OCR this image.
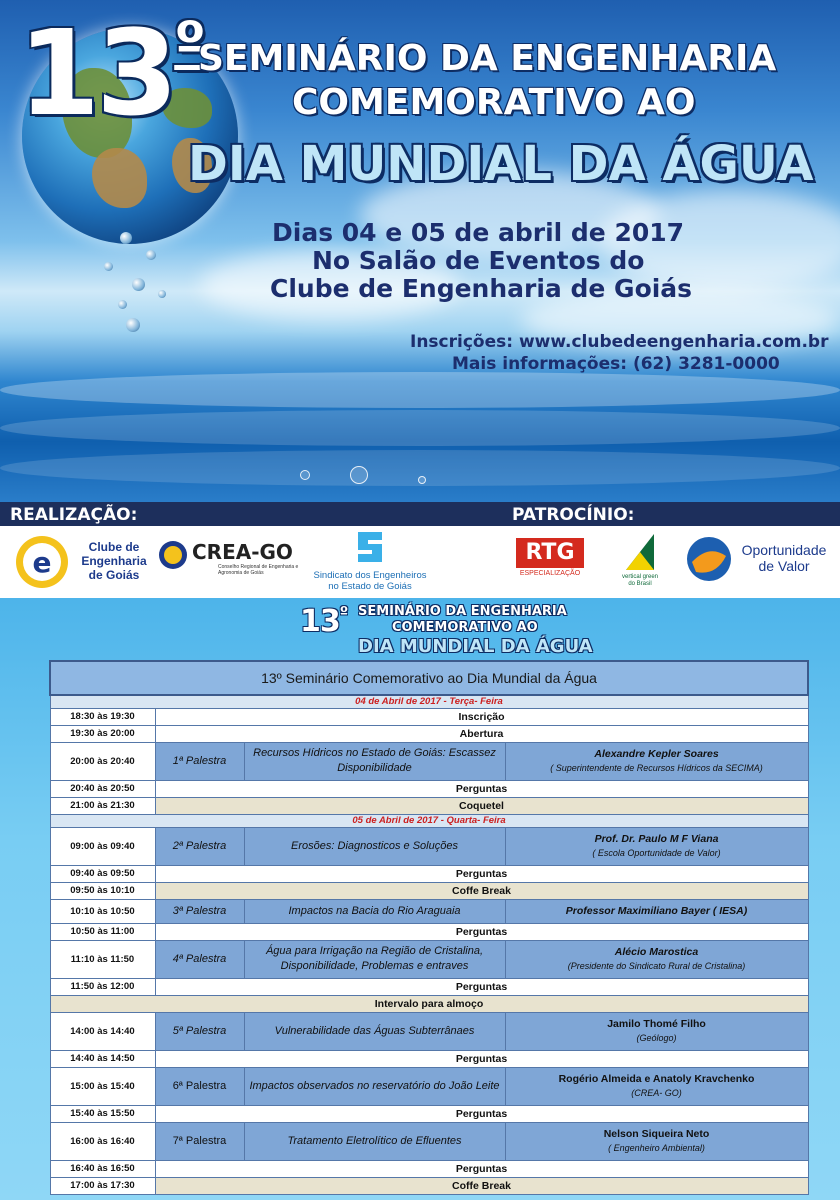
$13^º$
SEMINÁRIO DA ENGENHARIA
COMEMORATIVO AO
DIA MUNDIAL DA ÁGUA
Dias 04 e 05 de abril de 2017
No Salão de Eventos do
Clube de Engenharia de Goiás
Inscrições: www.clubedeengenharia.com.br
Mais informações: (62) 3281-0000
REALIZAÇÃO:	PATROCÍNIO:
e	Clube de Engenharia de Goiás
CREA-GO
Conselho Regional de Engenharia e Agronomia de Goiás	Sindicato dos Engenheiros no Estado de Goiás
RTG
ESPECIALIZAÇÃO	vertical green do Brasil
Oportunidade de Valor
$13^º$ SEMINÁRIO DA ENGENHARIA
COMEMORATIVO AO
DIA MUNDIAL DA ÁGUA
13º Seminário Comemorativo ao Dia Mundial da Água			
04 de Abril de 2017 - Terça- Feira			
18:30 às 19:30	Inscrição		
19:30 às 20:00	Abertura		
20:00 às 20:40	1ª Palestra	Recursos Hídricos no Estado de Goiás: Escassez Disponibilidade	Alexandre Kepler Soares
( Superintendente de Recursos Hídricos da SECIMA)

20:40 às 20:50	Perguntas		
21:00 às 21:30	Coquetel		
05 de Abril de 2017 - Quarta- Feira			
09:00 às 09:40	2ª Palestra	Erosões: Diagnosticos e Soluções	Prof. Dr. Paulo M F Viana
( Escola Oportunidade de Valor)

09:40 às 09:50	Perguntas		
09:50 às 10:10	Coffe Break		
10:10 às 10:50	3ª Palestra	Impactos na Bacia do Rio Araguaia	Professor Maximiliano Bayer ( IESA)

10:50 às 11:00	Perguntas		
11:10 às 11:50	4ª Palestra	Água para Irrigação na Região de Cristalina, Disponibilidade, Problemas e entraves	Alécio Marostica
(Presidente do Sindicato Rural de Cristalina)

11:50 às 12:00	Perguntas		
Intervalo para almoço			
14:00 às 14:40	5ª Palestra	Vulnerabilidade das Águas Subterrânaes	Jamilo Thomé Filho
(Geólogo)

14:40 às 14:50	Perguntas		
15:00 às 15:40	6ª Palestra	Impactos observados no reservatório do João Leite	Rogério Almeida e Anatoly Kravchenko
(CREA- GO)

15:40 às 15:50	Perguntas		
16:00 às 16:40	7ª Palestra	Tratamento Eletrolítico de Efluentes	Nelson Siqueira Neto
( Engenheiro Ambiental)

16:40 às 16:50	Perguntas		
17:00 às 17:30	Coffe Break		
